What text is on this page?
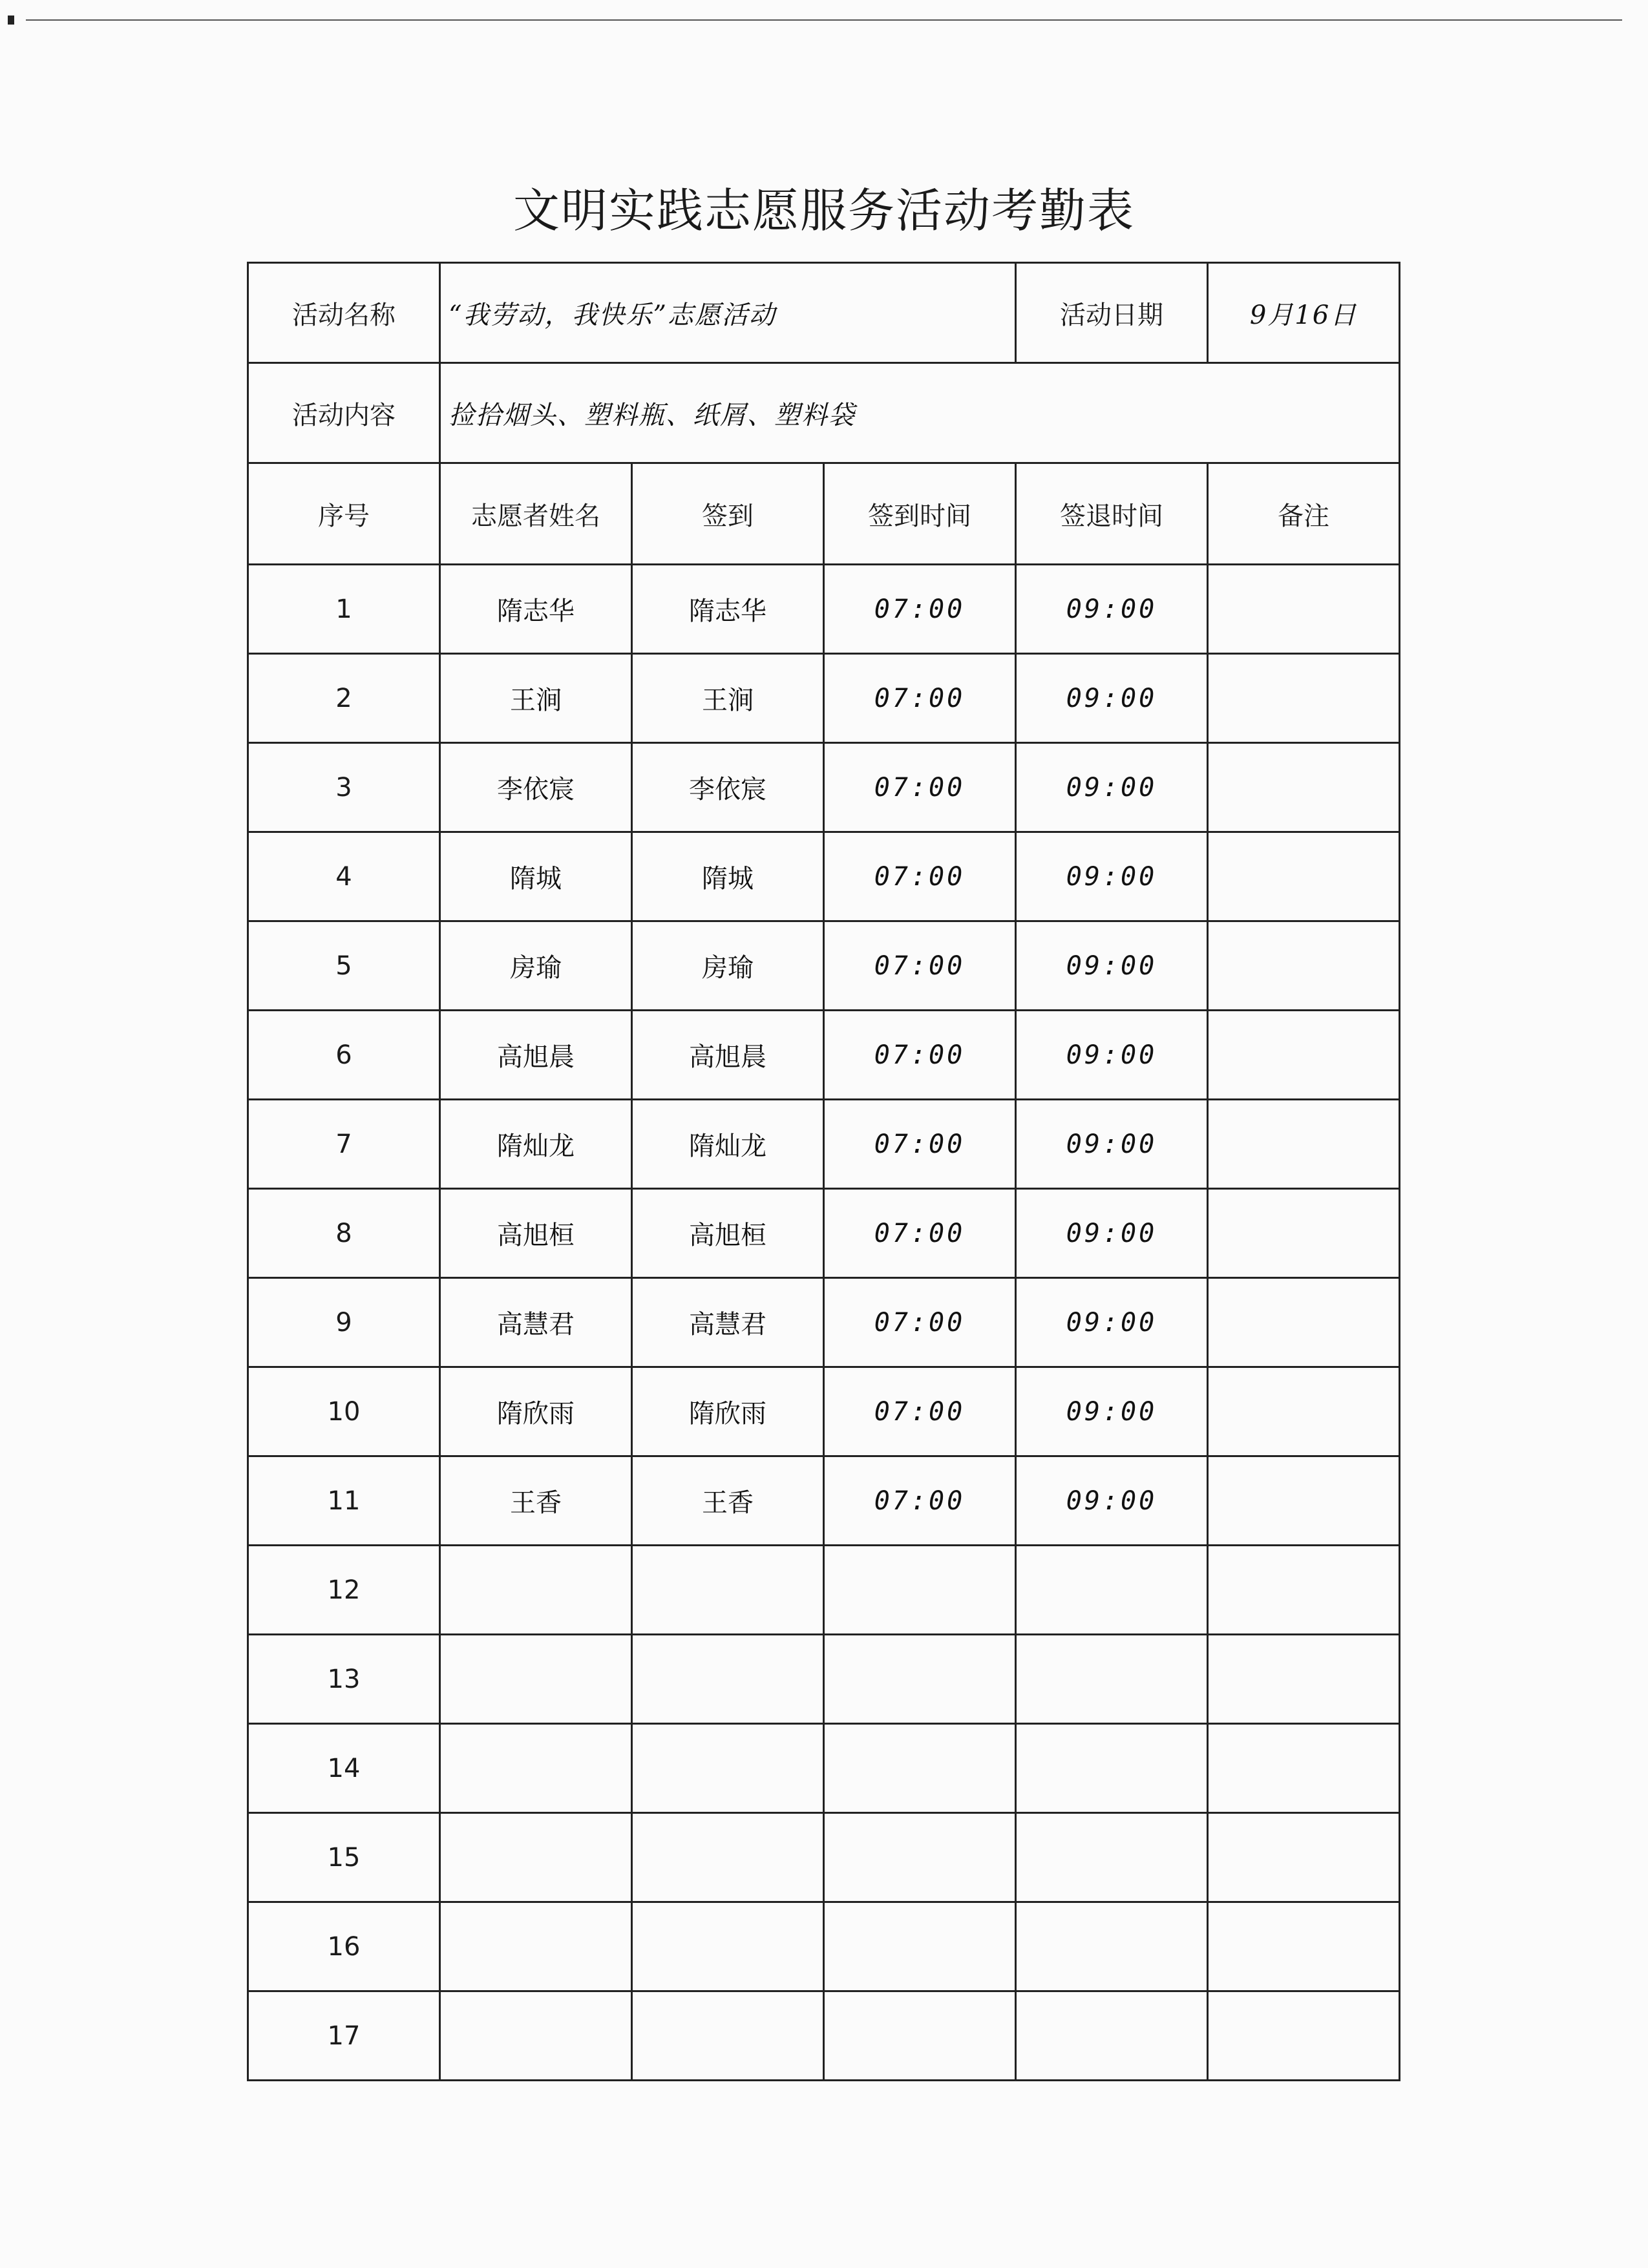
文明实践志愿服务活动考勤表
活动名称	“我劳动，我快乐”志愿活动			活动日期	9月16日
活动内容	捡拾烟头、塑料瓶、纸屑、塑料袋				
序号	志愿者姓名	签到	签到时间	签退时间	备注
1	隋志华	隋志华	07:00	09:00	
2	王涧	王涧	07:00	09:00	
3	李依宸	李依宸	07:00	09:00	
4	隋城	隋城	07:00	09:00	
5	房瑜	房瑜	07:00	09:00	
6	高旭晨	高旭晨	07:00	09:00	
7	隋灿龙	隋灿龙	07:00	09:00	
8	高旭桓	高旭桓	07:00	09:00	
9	高慧君	高慧君	07:00	09:00	
10	隋欣雨	隋欣雨	07:00	09:00	
11	王香	王香	07:00	09:00	
12					
13					
14					
15					
16					
17					
